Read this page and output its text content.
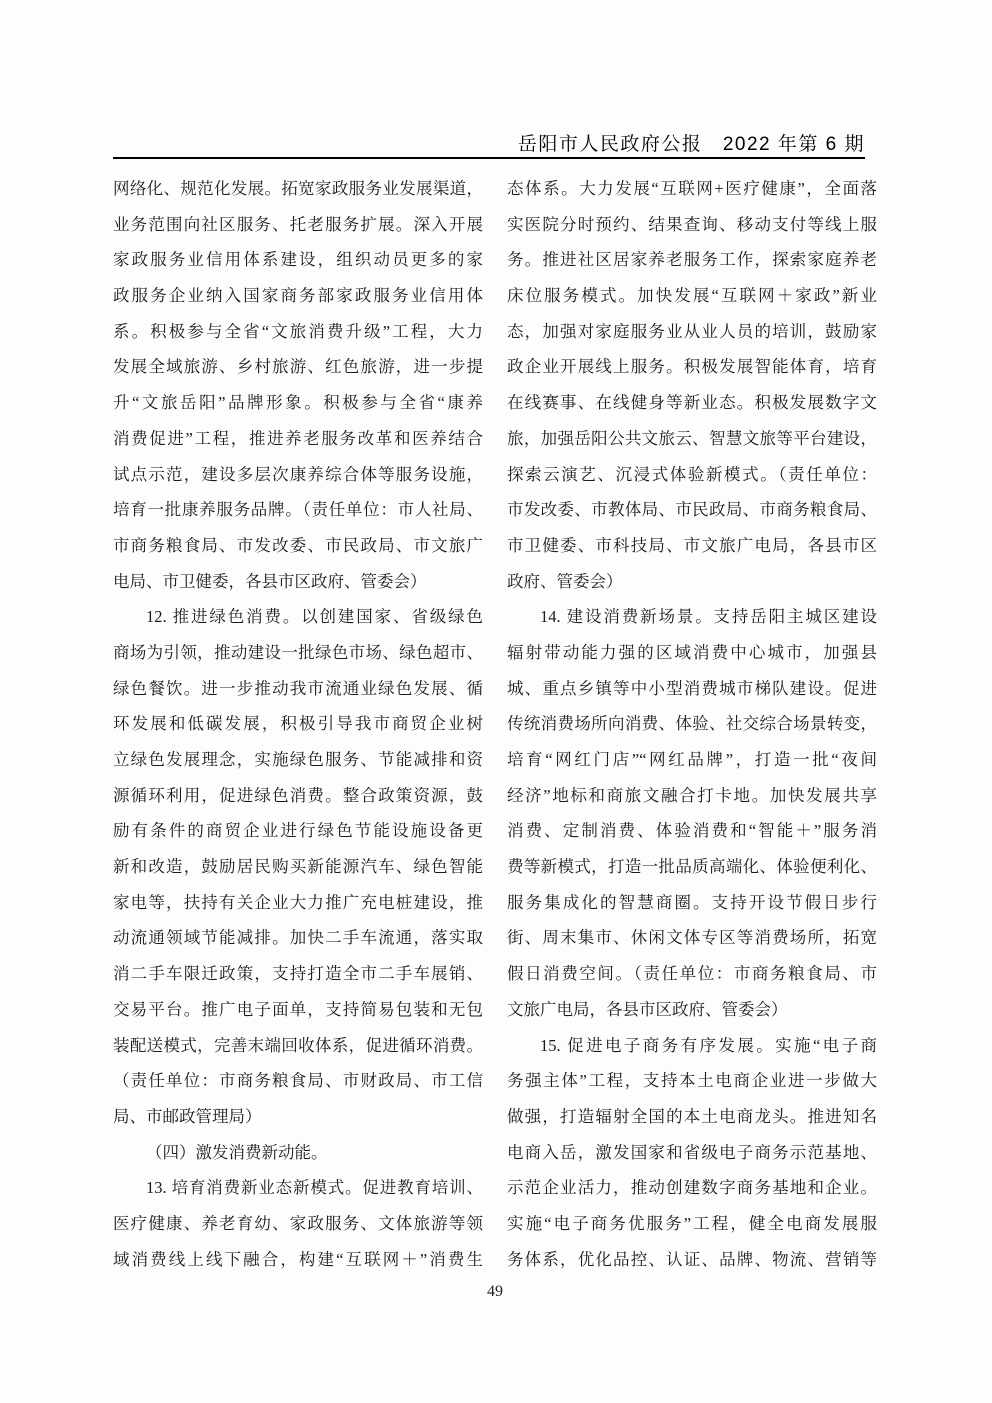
岳阳市人民政府公报　2022 年第 6 期
网络化、规范化发展。拓宽家政服务业发展渠道，
业务范围向社区服务、托老服务扩展。深入开展
家政服务业信用体系建设，组织动员更多的家
政服务企业纳入国家商务部家政服务业信用体
系。积极参与全省“文旅消费升级”工程，大力
发展全域旅游、乡村旅游、红色旅游，进一步提
升“文旅岳阳”品牌形象。积极参与全省“康养
消费促进”工程，推进养老服务改革和医养结合
试点示范，建设多层次康养综合体等服务设施，
培育一批康养服务品牌。（责任单位：市人社局、
市商务粮食局、市发改委、市民政局、市文旅广
电局、市卫健委，各县市区政府、管委会）
12. 推进绿色消费。以创建国家、省级绿色
商场为引领，推动建设一批绿色市场、绿色超市、
绿色餐饮。进一步推动我市流通业绿色发展、循
环发展和低碳发展，积极引导我市商贸企业树
立绿色发展理念，实施绿色服务、节能减排和资
源循环利用，促进绿色消费。整合政策资源，鼓
励有条件的商贸企业进行绿色节能设施设备更
新和改造，鼓励居民购买新能源汽车、绿色智能
家电等，扶持有关企业大力推广充电桩建设，推
动流通领域节能减排。加快二手车流通，落实取
消二手车限迁政策，支持打造全市二手车展销、
交易平台。推广电子面单，支持简易包装和无包
装配送模式，完善末端回收体系，促进循环消费。
（责任单位：市商务粮食局、市财政局、市工信
局、市邮政管理局）
（四）激发消费新动能。
13. 培育消费新业态新模式。促进教育培训、
医疗健康、养老育幼、家政服务、文体旅游等领
域消费线上线下融合，构建“互联网＋”消费生
态体系。大力发展“互联网+医疗健康”，全面落
实医院分时预约、结果查询、移动支付等线上服
务。推进社区居家养老服务工作，探索家庭养老
床位服务模式。加快发展“互联网＋家政”新业
态，加强对家庭服务业从业人员的培训，鼓励家
政企业开展线上服务。积极发展智能体育，培育
在线赛事、在线健身等新业态。积极发展数字文
旅，加强岳阳公共文旅云、智慧文旅等平台建设，
探索云演艺、沉浸式体验新模式。（责任单位：
市发改委、市教体局、市民政局、市商务粮食局、
市卫健委、市科技局、市文旅广电局，各县市区
政府、管委会）
14. 建设消费新场景。支持岳阳主城区建设
辐射带动能力强的区域消费中心城市，加强县
城、重点乡镇等中小型消费城市梯队建设。促进
传统消费场所向消费、体验、社交综合场景转变，
培育“网红门店”“网红品牌”，打造一批“夜间
经济”地标和商旅文融合打卡地。加快发展共享
消费、定制消费、体验消费和“智能＋”服务消
费等新模式，打造一批品质高端化、体验便利化、
服务集成化的智慧商圈。支持开设节假日步行
街、周末集市、休闲文体专区等消费场所，拓宽
假日消费空间。（责任单位：市商务粮食局、市
文旅广电局，各县市区政府、管委会）
15. 促进电子商务有序发展。实施“电子商
务强主体”工程，支持本土电商企业进一步做大
做强，打造辐射全国的本土电商龙头。推进知名
电商入岳，激发国家和省级电子商务示范基地、
示范企业活力，推动创建数字商务基地和企业。
实施“电子商务优服务”工程，健全电商发展服
务体系，优化品控、认证、品牌、物流、营销等
49
